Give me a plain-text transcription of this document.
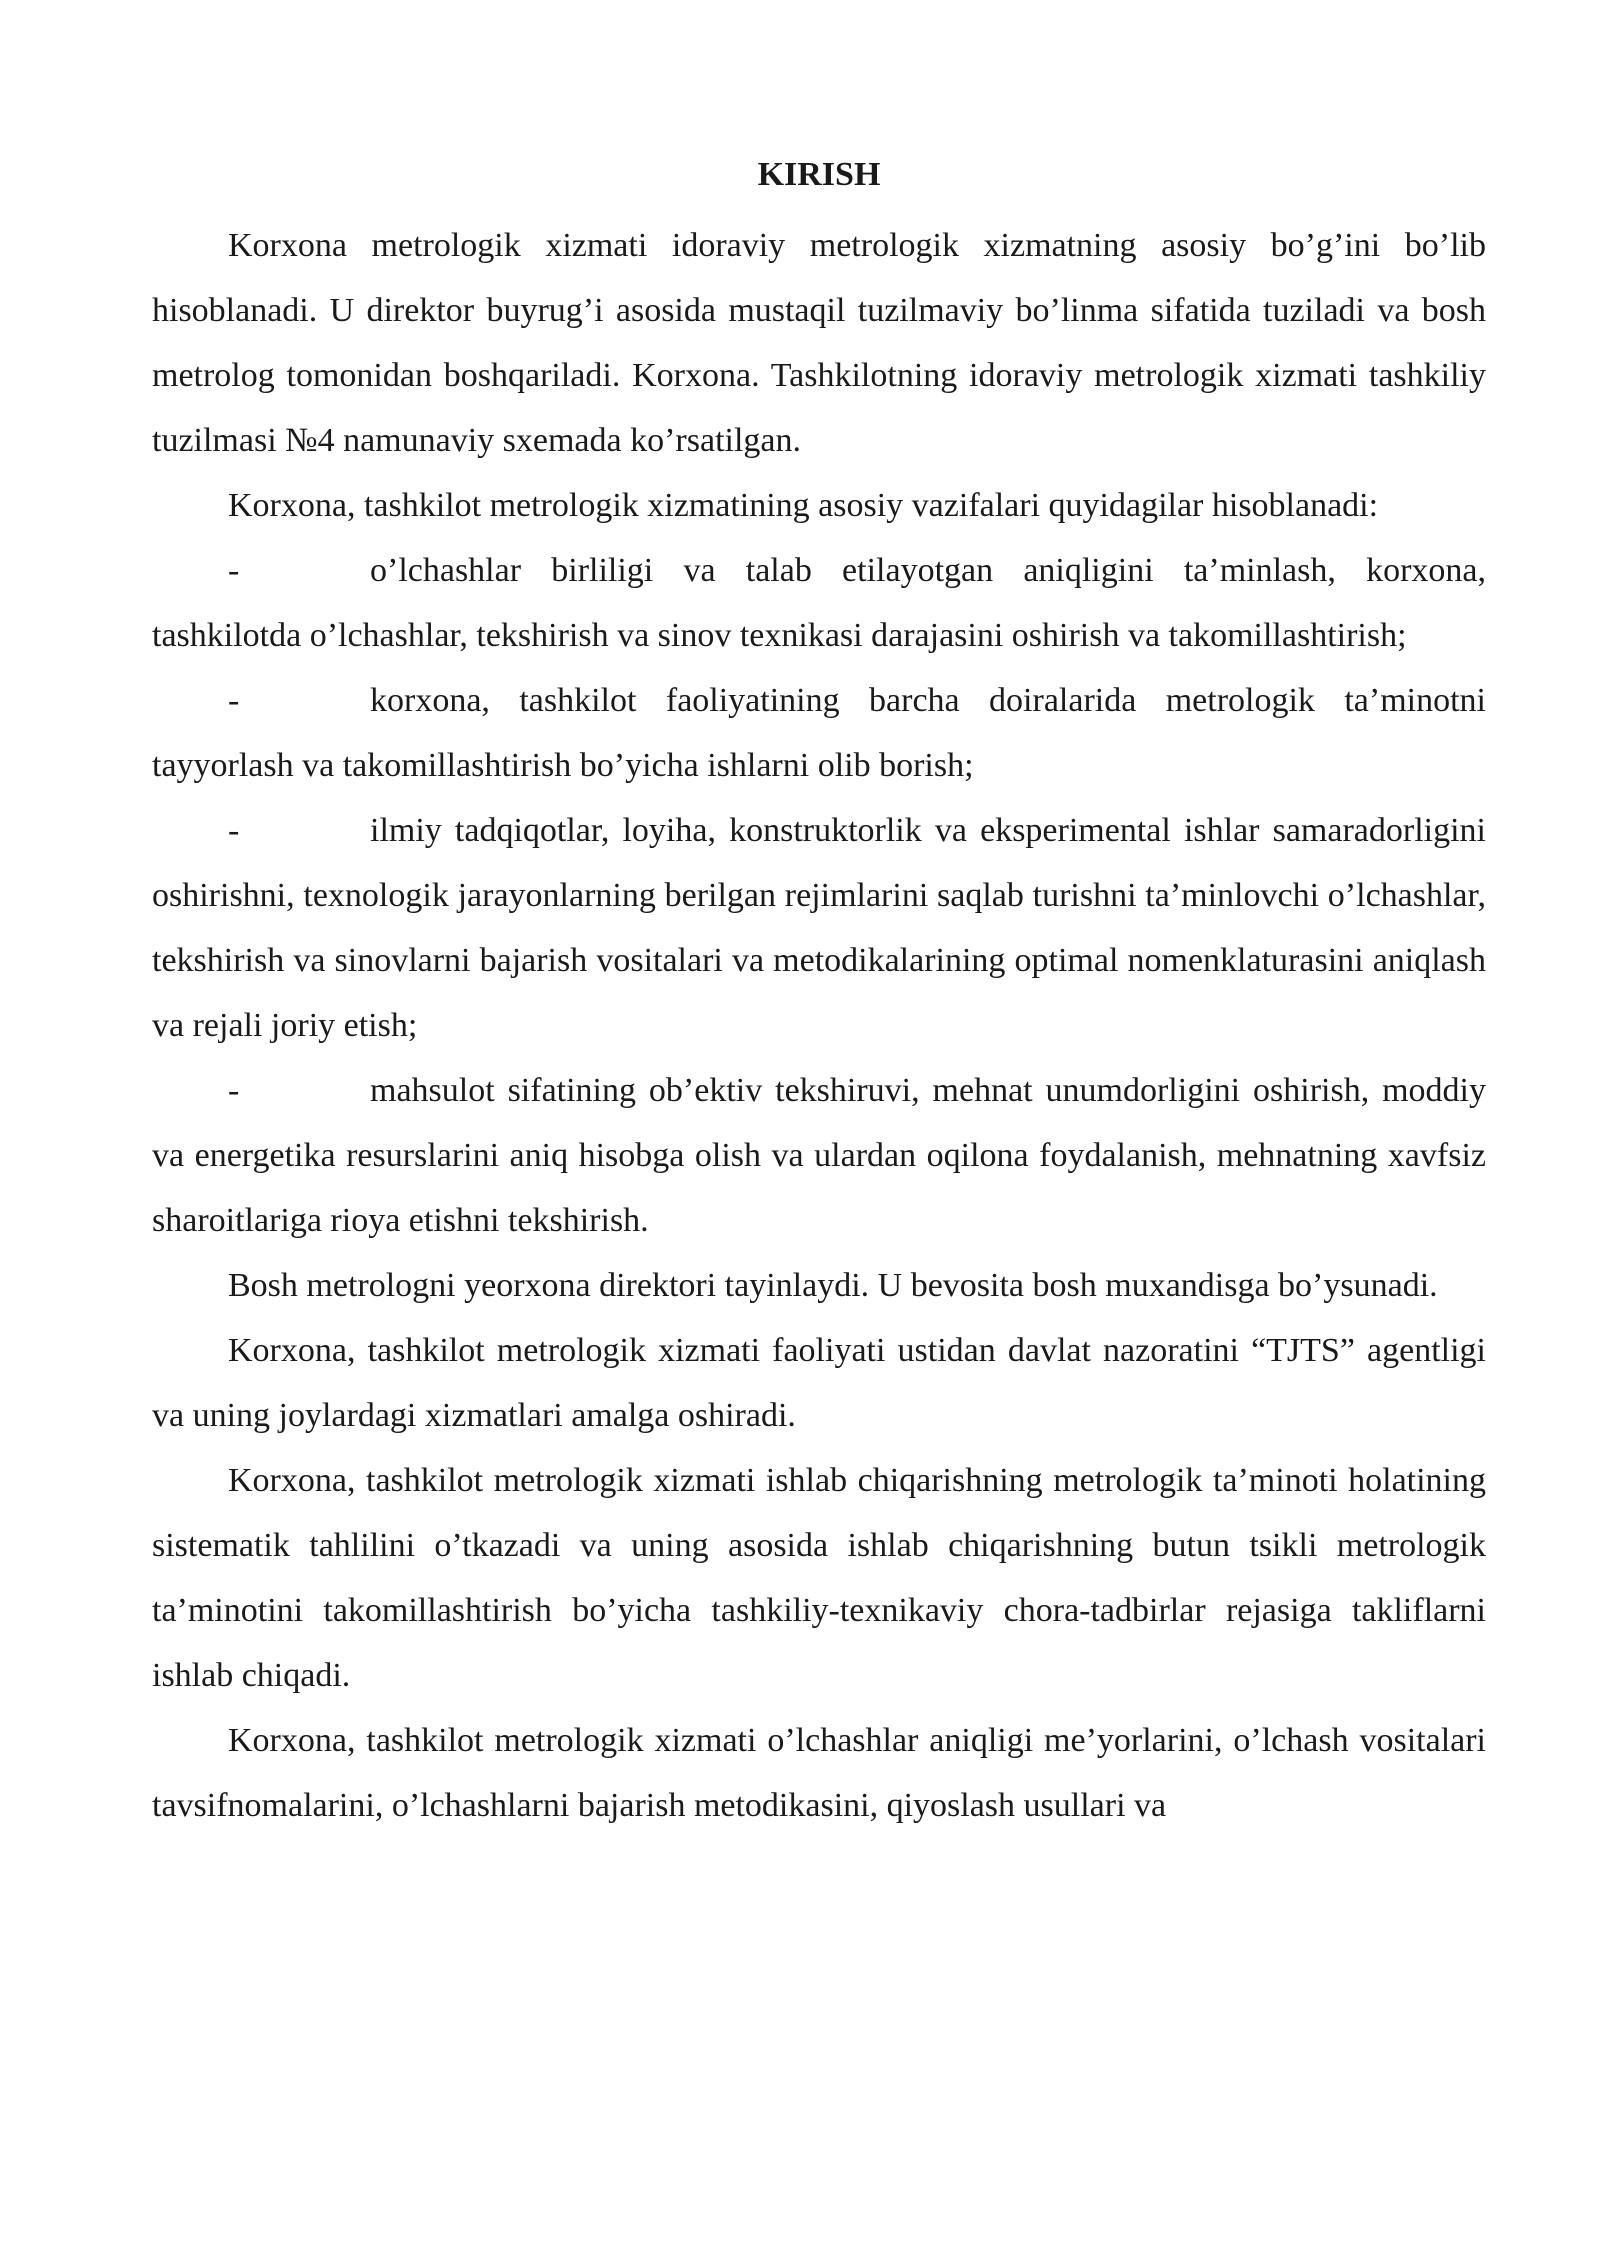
KIRISH

Korxona metrologik xizmati idoraviy metrologik xizmatning asosiy bo’g’ini bo’lib hisoblanadi. U direktor buyrug’i asosida mustaqil tuzilmaviy bo’linma sifatida tuziladi va bosh metrolog tomonidan boshqariladi. Korxona. Tashkilotning idoraviy metrologik xizmati tashkiliy tuzilmasi №4 namunaviy sxemada ko’rsatilgan.

Korxona, tashkilot metrologik xizmatining asosiy vazifalari quyidagilar hisoblanadi:

-	o’lchashlar birliligi va talab etilayotgan aniqligini ta’minlash, korxona, tashkilotda o’lchashlar, tekshirish va sinov texnikasi darajasini oshirish va takomillashtirish;

-	korxona, tashkilot faoliyatining barcha doiralarida metrologik ta’minotni tayyorlash va takomillashtirish bo’yicha ishlarni olib borish;

-	ilmiy tadqiqotlar, loyiha, konstruktorlik va eksperimental ishlar samaradorligini oshirishni, texnologik jarayonlarning berilgan rejimlarini saqlab turishni ta’minlovchi o’lchashlar, tekshirish va sinovlarni bajarish vositalari va metodikalarining optimal nomenklaturasini aniqlash va rejali joriy etish;

-	mahsulot sifatining ob’ektiv tekshiruvi, mehnat unumdorligini oshirish, moddiy va energetika resurslarini aniq hisobga olish va ulardan oqilona foydalanish, mehnatning xavfsiz sharoitlariga rioya etishni tekshirish.

Bosh metrologni yeorxona direktori tayinlaydi. U bevosita bosh muxandisga bo’ysunadi.

Korxona, tashkilot metrologik xizmati faoliyati ustidan davlat nazoratini “TJTS” agentligi va uning joylardagi xizmatlari amalga oshiradi.

Korxona, tashkilot metrologik xizmati ishlab chiqarishning metrologik ta’minoti holatining sistematik tahlilini o’tkazadi va uning asosida ishlab chiqarishning butun tsikli metrologik ta’minotini takomillashtirish bo’yicha tashkiliy-texnikaviy chora-tadbirlar rejasiga takliflarni ishlab chiqadi.

Korxona, tashkilot metrologik xizmati o’lchashlar aniqligi me’yorlarini, o’lchash vositalari tavsifnomalarini, o’lchashlarni bajarish metodikasini, qiyoslash usullari va
